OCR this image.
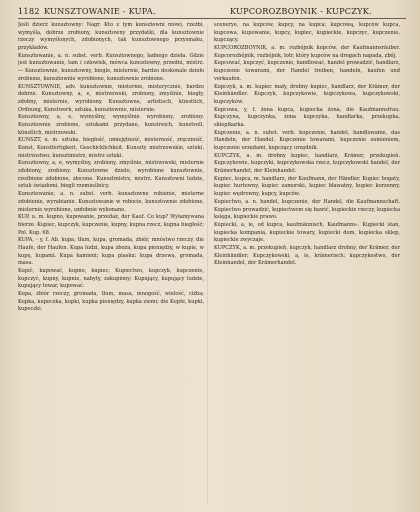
1182 KUNSZTOWANIE - KUPA.	KUPCOROZBOYNIK - KUPCZYK.

Jeśli dzierż kunsztowny: Nagr. Kto z tym kunsztowni mówi, rzeźbi, wymyśla, dobrze zrobiony, kunsztowny przydatki, dla kunsztownie rzeczy wymyślonych, zdobionych, tak kunsztownego przysmaku, przykładów.

Kunsztowanie, a. n. subst. verb. Kunsztownego, ładnego dzieła. Gdzie jest kunsztowanie, tam i człowiek, mówca kunsztowny, przedni, mistrz. — Kunsztownie, kunsztowny, biegle, misternie, bardzo doskonale dzieło zrobione, kunsztownie wyrobione, kunsztownie zrobione.

KUNSZTOWNIE, adv. kunsztownie, misternie, misterycznie, bardzo dobrze. Kunsztowny, a, e, mistrzowski, zrobiony, zmyślnie, biegły, zdobny, misternie, wyrobiony. Kunsztowne, artistisch, künstlich, Ordnung, Kunstwerk, sztuka, kunsztownie, misternie.

Kunsztowny, a, e, wymyślny, wymyślnie wyrobiony, zrobiony. Kunsztownie zrobione, sztukami przydane, kunstreich, kunstvoll, künstlich, mistrzowski.

KUNSZT, u. m. sztuka, biegłość, umiejętność, misterność, zręczność, Kunst, Kunstfertigkeit, Geschicklichkeit. Kunszty mistrzowskie, sztuki, mistrzostwo; kunsztmistrz, mistrz sztuki.

Kunsztowny, a, e, wymyślny, zrobiony, zmyślnie, mistrzowski, misternie zdobiony, zrobiony. Kunsztowne dzieło, wyrobione kunsztownie, rzeźbione zdobione, złocone. Kunsztmistrz, mistrz. Kunsztowni ludzie, sztuk świadomi, biegli rzemieślnicy.

Kunsztowanie, a. n. subst. verb. kunsztowne robienie, misterne zdobienie, wyrabianie. Kunsztowanie w robocie, kunsztownie zdobione, misternie wyrobione, ozdobnie wykonane.

KUP, u. m. kupno, kupowanie, przedaż, der Kauf. Co kup? Wyłamywana bierze. Kupiec, kupczyk, kupczenie, kupny, kupna rzecz, kupna biegłość; Pol. Kup. 68.

KUPA, - y, f. Ab. kupa, tłum, kupa, gromada, zbiór, mnóstwo rzeczy, die Haufe, der Haufen. Kupa ludzi, kupa zboża, kupa pieniędzy, w kupie, w kupę, kupami. Kupa kamieni; kupa piasku; kupa drzewa, gromada, masa.

Kupić, kupować, kupno, kupiec; Kupiectwo, kupczyk, kupczenie, kupczyć, kupny, kupnie, nabyty, zakupiony; Kupujący, kupujący ludzie, kupujący towar, kupować.

Kupa, zbiór rzeczy, gromada, tłum, masa, mnogość, wielość, ciżba; Kupka, kupeczka, kupki, kupka pieniędzy, kupka ziemi; die Kupfe, kupki, kupeczki.

scenerye, na kupców, kupcy, na kupca; kupcową, kupców kupca, kupcowa, kupowanie, kupcy, kupiec, kupieckie, kupczyc, kupczenie, kupczący.

KUPCOROZBOYNIK, a. m. rozbójnik kupców, der Kaufmannsräuber. Kupcorozbójnik, rozbójnik, łotr, który kupców na drogach napada, zbój.

Kupcować, kupczyć, kupczenie, handlować, handel prowadzić, handlarz, kupczenie towarami, der Handel treiben, handeln, kaufen und verkaufen.

Kupczyk, a. m. kupiec mały, drobny kupiec, handlarz, der Krämer, der Kleinhändler. Kupczyk, kupczykowie, kupczykowa, kupczykowski, kupczyków.

Kupcowa, y, f. żona kupca, kupiecka żona, die Kaufmannsfrau. Kupczyna, kupczynka, żona kupczyka, handlarka, przekupka, sklepikarka.

Kupczenie, a. n. subst. verb. kupczenie, handel, handlowanie, das Handeln, der Handel. Kupczenie towarami, kupczenie sumieniem, kupczenie urzędami, kupczący urzędnik.

KUPCZYK, a. m. drobny kupiec, handlarz, Krämer, przekupień. Kupczykowie, kupczyki, kupczykowska rzecz, kupczykowski handel, der Krämerhandel, der Kleinhandel.

Kupiec, kupca, m. handlarz, der Kaufmann, der Händler. Kupiec bogaty, kupiec hurtowny, kupiec zamorski, kupiec bławatny, kupiec korzenny, kupiec wędrowny, kupcy, kupców.

Kupiectwo, a. n. handel, kupczenie, der Handel, die Kaufmannschaft. Kupiectwo prowadzić, kupiectwem się bawić, kupieckie rzeczy, kupiecka księga, kupieckie prawo.

Kupiecki, a, ie, od kupca, kaufmännisch, Kaufmanns-. Kupiecki stan, kupiecka kompania, kupieckie towary, kupiecki dom, kupiecka sklep, kupieckie zwyczaje.

KUPCZYK, a. m. przekupień, kupczyk, handlarz drobny, der Krämer, der Kleinhändler; Kupczykowski, a, ie, krämerisch; kupczykostwo, der Kleinhandel, der Krämerhandel.
